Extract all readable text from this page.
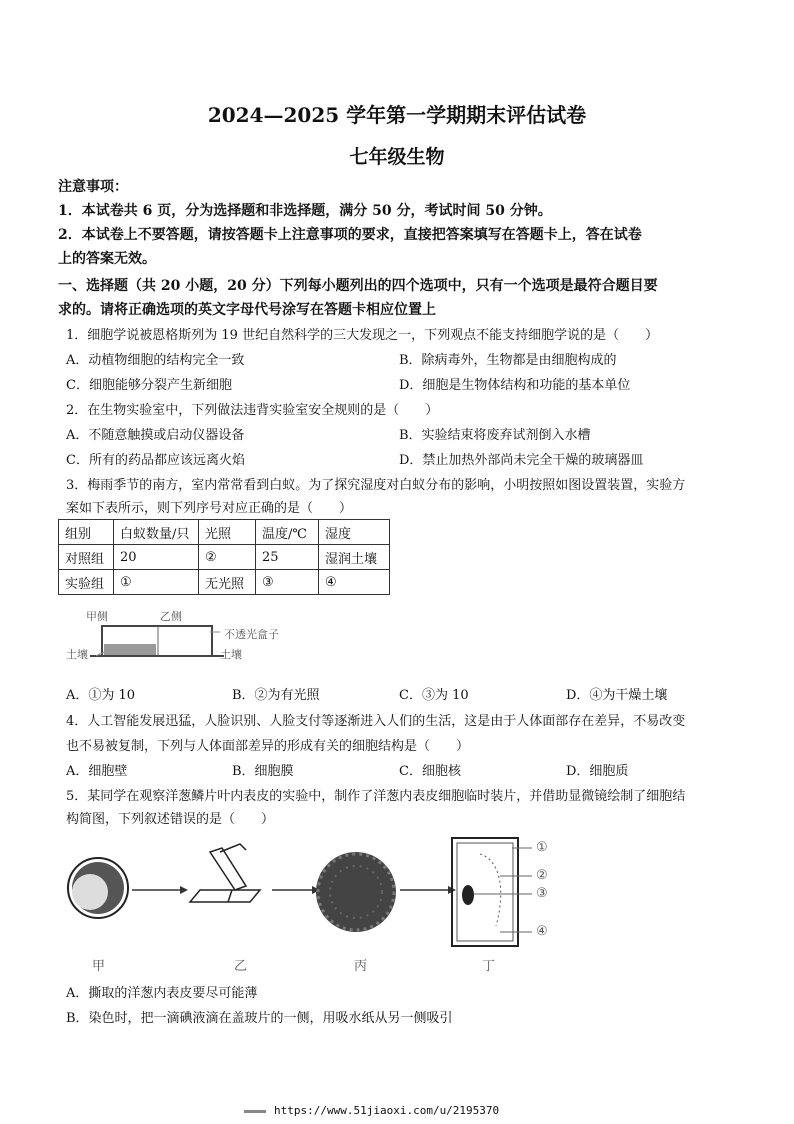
2024—2025 学年第一学期期末评估试卷
七年级生物
注意事项：
1．本试卷共 6 页，分为选择题和非选择题，满分 50 分，考试时间 50 分钟。
2．本试卷上不要答题，请按答题卡上注意事项的要求，直接把答案填写在答题卡上，答在试卷
上的答案无效。
一、选择题（共 20 小题，20 分）下列每小题列出的四个选项中，只有一个选项是最符合题目要
求的。请将正确选项的英文字母代号涂写在答题卡相应位置上
1．细胞学说被恩格斯列为 19 世纪自然科学的三大发现之一，下列观点不能支持细胞学说的是（　　）
A．动植物细胞的结构完全一致	B．除病毒外，生物都是由细胞构成的
C．细胞能够分裂产生新细胞	D．细胞是生物体结构和功能的基本单位
2．在生物实验室中，下列做法违背实验室安全规则的是（　　）
A．不随意触摸或启动仪器设备	B．实验结束将废弃试剂倒入水槽
C．所有的药品都应该远离火焰	D．禁止加热外部尚未完全干燥的玻璃器皿
3．梅雨季节的南方，室内常常看到白蚁。为了探究湿度对白蚁分布的影响，小明按照如图设置装置，实验方
案如下表所示，则下列序号对应正确的是（　　）
组别	白蚁数量/只	光照	温度/℃	湿度
对照组	20	②	25	湿润土壤
实验组	①	无光照	③	④
甲侧	乙侧
不透光盒子
土壤	土壤
A．①为 10	B．②为有光照	C．③为 10	D．④为干燥土壤
4．人工智能发展迅猛，人脸识别、人脸支付等逐渐进入人们的生活，这是由于人体面部存在差异，不易改变
也不易被复制，下列与人体面部差异的形成有关的细胞结构是（　　）
A．细胞壁	B．细胞膜	C．细胞核	D．细胞质
5．某同学在观察洋葱鳞片叶内表皮的实验中，制作了洋葱内表皮细胞临时装片，并借助显微镜绘制了细胞结
构简图，下列叙述错误的是（　　）
①
②
③
④
甲	乙	丙	丁
A．撕取的洋葱内表皮要尽可能薄
B．染色时，把一滴碘液滴在盖玻片的一侧，用吸水纸从另一侧吸引
https://www.51jiaoxi.com/u/2195370
